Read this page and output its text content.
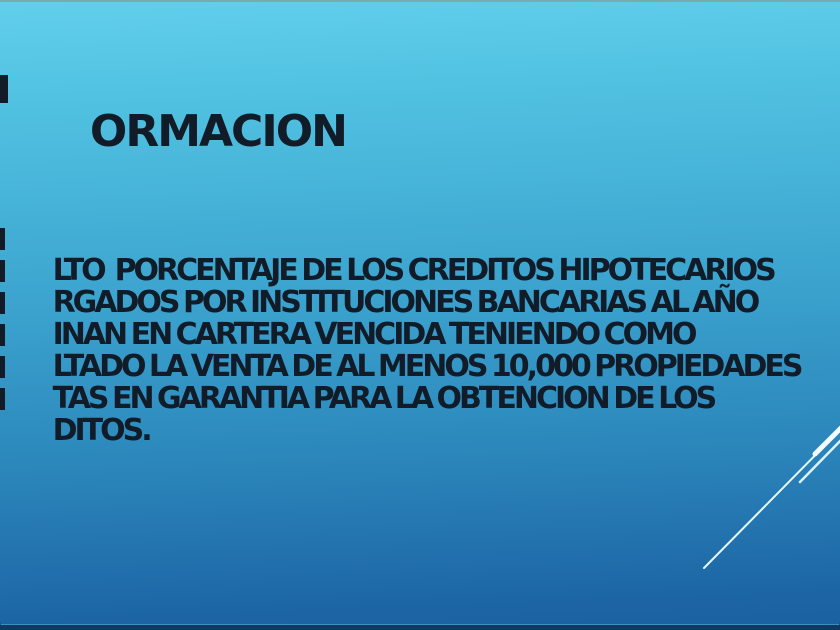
ORMACION

LTO  PORCENTAJE DE LOS CREDITOS HIPOTECARIOS

RGADOS POR INSTITUCIONES BANCARIAS AL AÑO

INAN EN CARTERA VENCIDA TENIENDO COMO

LTADO LA VENTA DE AL MENOS 10,000 PROPIEDADES

TAS EN GARANTIA PARA LA OBTENCION DE LOS

DITOS.
